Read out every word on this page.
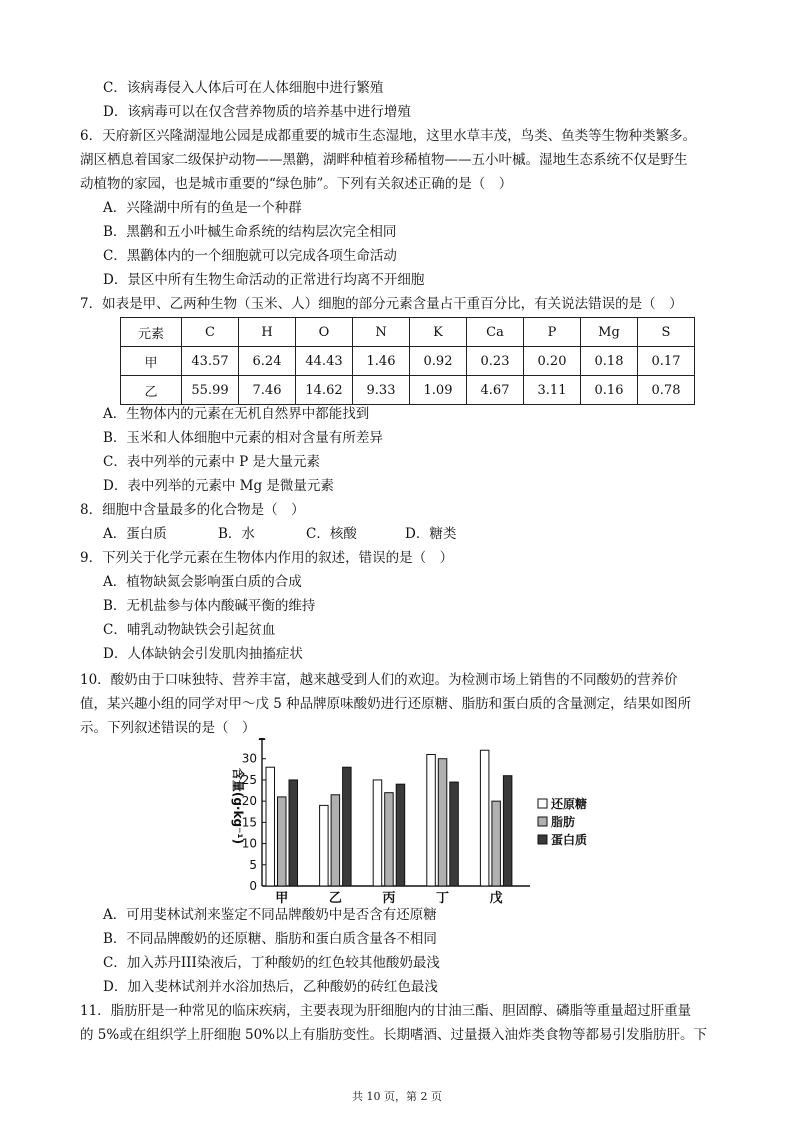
C．该病毒侵入人体后可在人体细胞中进行繁殖
D．该病毒可以在仅含营养物质的培养基中进行增殖
6．天府新区兴隆湖湿地公园是成都重要的城市生态湿地，这里水草丰茂，鸟类、鱼类等生物种类繁多。
湖区栖息着国家二级保护动物——黑鹳，湖畔种植着珍稀植物——五小叶槭。湿地生态系统不仅是野生
动植物的家园，也是城市重要的“绿色肺”。下列有关叙述正确的是（　）
A．兴隆湖中所有的鱼是一个种群
B．黑鹳和五小叶槭生命系统的结构层次完全相同
C．黑鹳体内的一个细胞就可以完成各项生命活动
D．景区中所有生物生命活动的正常进行均离不开细胞
7．如表是甲、乙两种生物（玉米、人）细胞的部分元素含量占干重百分比，有关说法错误的是（　）
元素	C	H	O	N	K	Ca	P	Mg	S
甲	43.57	6.24	44.43	1.46	0.92	0.23	0.20	0.18	0.17
乙	55.99	7.46	14.62	9.33	1.09	4.67	3.11	0.16	0.78
A．生物体内的元素在无机自然界中都能找到
B．玉米和人体细胞中元素的相对含量有所差异
C．表中列举的元素中 P 是大量元素
D．表中列举的元素中 Mg 是微量元素
8．细胞中含量最多的化合物是（　）
A．蛋白质	B．水	C．核酸	D．糖类
9．下列关于化学元素在生物体内作用的叙述，错误的是（　）
A．植物缺氮会影响蛋白质的合成
B．无机盐参与体内酸碱平衡的维持
C．哺乳动物缺铁会引起贫血
D．人体缺钠会引发肌肉抽搐症状
10．酸奶由于口味独特、营养丰富，越来越受到人们的欢迎。为检测市场上销售的不同酸奶的营养价
值，某兴趣小组的同学对甲～戊 5 种品牌原味酸奶进行还原糖、脂肪和蛋白质的含量测定，结果如图所
示。下列叙述错误的是（　）
0
5
10
15
20
25
30
含量(g·kg⁻¹)
甲	乙	丙	丁	戊
还原糖
脂肪
蛋白质
A．可用斐林试剂来鉴定不同品牌酸奶中是否含有还原糖
B．不同品牌酸奶的还原糖、脂肪和蛋白质含量各不相同
C．加入苏丹III染液后，丁种酸奶的红色较其他酸奶最浅
D．加入斐林试剂并水浴加热后，乙种酸奶的砖红色最浅
11．脂肪肝是一种常见的临床疾病，主要表现为肝细胞内的甘油三酯、胆固醇、磷脂等重量超过肝重量
的 5%或在组织学上肝细胞 50%以上有脂肪变性。长期嗜酒、过量摄入油炸类食物等都易引发脂肪肝。下
共 10 页，第 2 页
